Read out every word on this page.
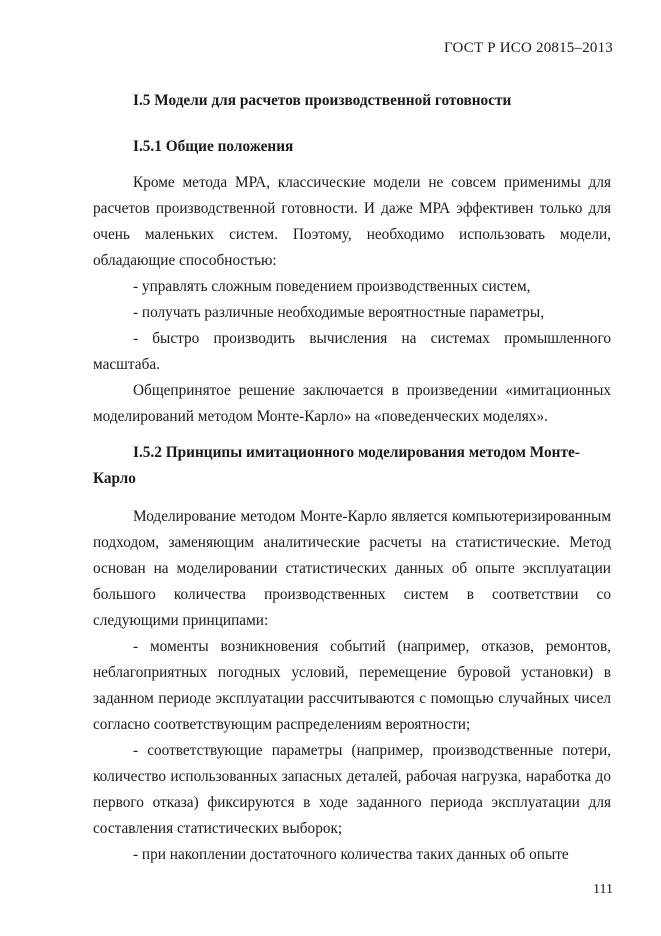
ГОСТ Р ИСО 20815–2013
I.5 Модели для расчетов производственной готовности
I.5.1 Общие положения

Кроме метода МРА, классические модели не совсем применимы для расчетов производственной готовности. И даже МРА эффективен только для очень маленьких систем. Поэтому, необходимо использовать модели, обладающие способностью:

- управлять сложным поведением производственных систем,

- получать различные необходимые вероятностные параметры,

- быстро производить вычисления на системах промышленного масштаба.

Общепринятое решение заключается в произведении «имитационных моделирований методом Монте-Карло» на «поведенческих моделях».

I.5.2 Принципы имитационного моделирования методом Монте-Карло

Моделирование методом Монте-Карло является компьютеризированным подходом, заменяющим аналитические расчеты на статистические. Метод основан на моделировании статистических данных об опыте эксплуатации большого количества производственных систем в соответствии со следующими принципами:

- моменты возникновения событий (например, отказов, ремонтов, неблагоприятных погодных условий, перемещение буровой установки) в заданном периоде эксплуатации рассчитываются с помощью случайных чисел согласно соответствующим распределениям вероятности;

- соответствующие параметры (например, производственные потери, количество использованных запасных деталей, рабочая нагрузка, наработка до первого отказа) фиксируются в ходе заданного периода эксплуатации для составления статистических выборок;

- при накоплении достаточного количества таких данных об опыте

111
